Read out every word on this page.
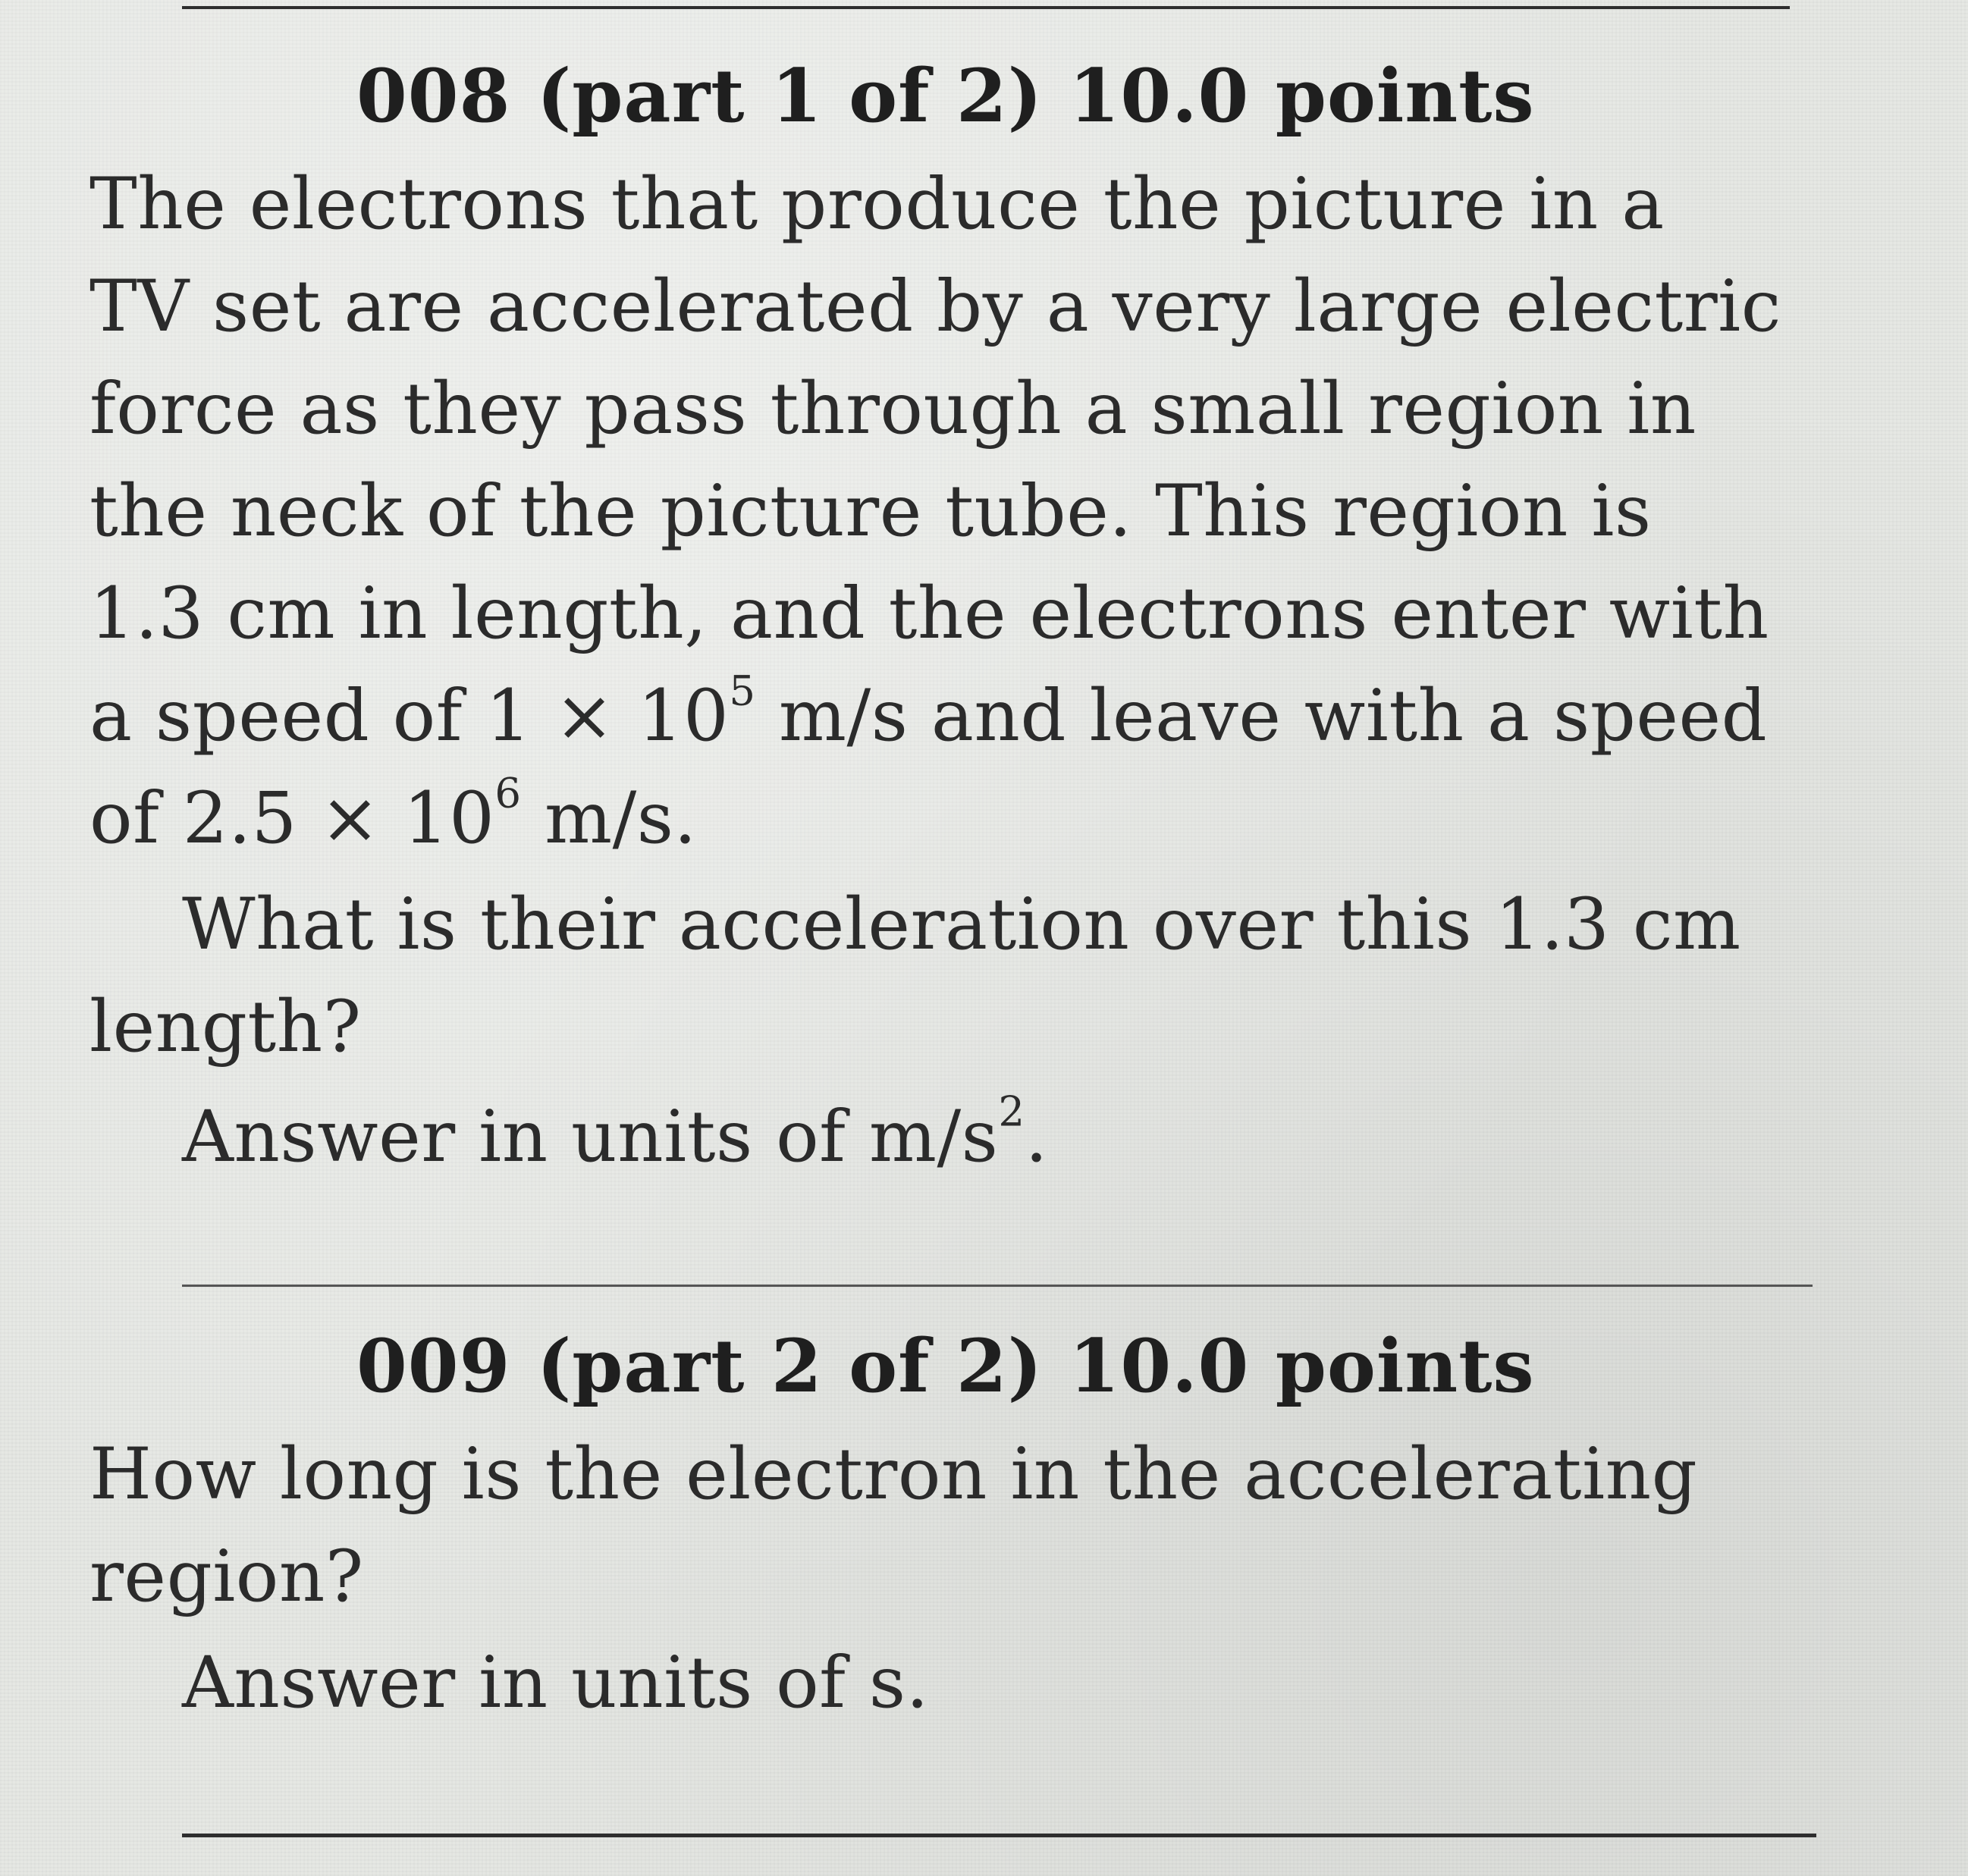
008 (part 1 of 2) 10.0 points
The electrons that produce the picture in a
TV set are accelerated by a very large electric
force as they pass through a small region in
the neck of the picture tube. This region is
1.3 cm in length, and the electrons enter with
a speed of $1 \times 10^5$ m/s and leave with a speed
of $2.5 \times 10^6$ m/s.
What is their acceleration over this 1.3 cm
length?
Answer in units of $m/s^2$.
009 (part 2 of 2) 10.0 points
How long is the electron in the accelerating
region?
Answer in units of s.
